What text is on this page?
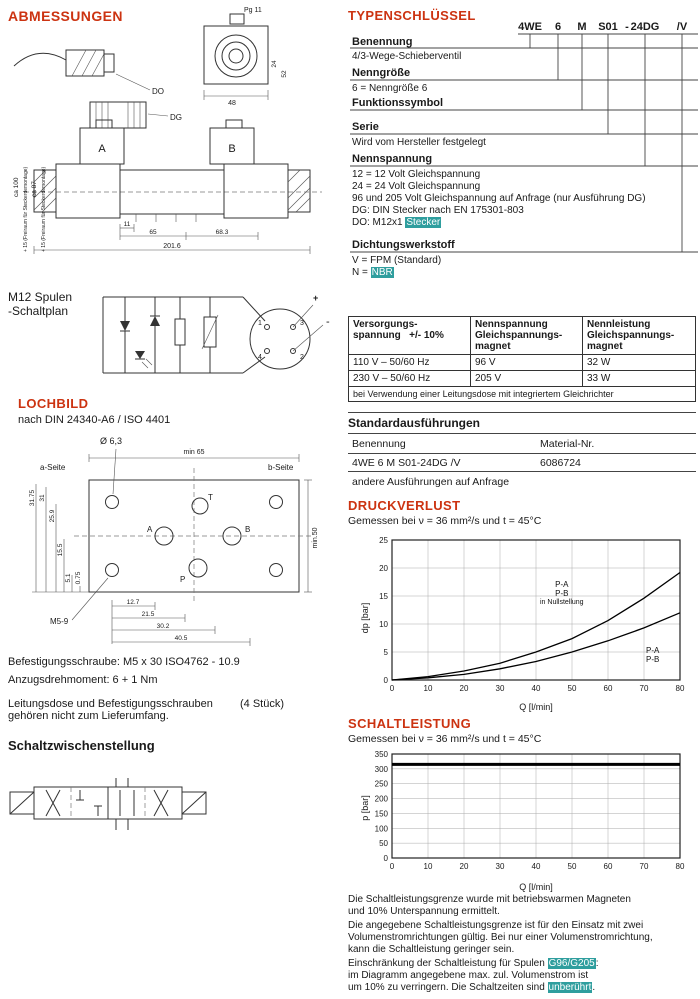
ABMESSUNGEN	Pg 11
DO
DG
48
24
52
ca 100 + 15 (Freiraum für Steckerdemontage) ca 87 + 15 (Freiraum für Steckerdemontage)
A	B
11
65	68.3
201.6
M12 Spulen
-Schaltplan
1	3
4	2
+
-
LOCHBILD
nach DIN 24340-A6 / ISO 4401
Ø 6,3
a-Seite	b-Seite
min 65
min.50
T
A	B
P
M5-9
31.75 31
25.9
15.5
5.1 0.75
12.7
21.5
30.2
40.5
Befestigungsschraube: M5 x 30 ISO4762 - 10.9
Anzugsdrehmoment: 6 + 1 Nm
Leitungsdose und Befestigungsschrauben
gehören nicht zum Lieferumfang.
(4 Stück)
Schaltzwischenstellung
TYPENSCHLÜSSEL
4WE 6 M S01 - 24DG /V
Benennung
4/3-Wege-Schieberventil
Nenngröße
6 = Nenngröße 6
Funktionssymbol
Serie
Wird vom Hersteller festgelegt
Nennspannung
12 = 12 Volt Gleichspannung
24 = 24 Volt Gleichspannung
96 und 205 Volt Gleichspannung auf Anfrage (nur Ausführung DG)
DG: DIN Stecker nach EN 175301-803
DO: M12x1 Stecker
Dichtungswerkstoff
V = FPM (Standard)
N = NBR
Versorgungs-
spannung +/- 10%

Nennspannung
Gleichspannungs-
magnet

Nennleistung
Gleichspannungs-
magnet

110 V – 50/60 Hz	96 V	32 W
230 V – 50/60 Hz	205 V	33 W
bei Verwendung einer Leitungsdose mit integriertem Gleichrichter		
Standardausführungen
Benennung	Material-Nr.
4WE 6 M S01-24DG /V	6086724
andere Ausführungen auf Anfrage
DRUCKVERLUST
Gemessen bei ν = 36 mm²/s und t = 45°C
dp [bar]
Q [l/min]
0	10	20	30	40	50	60	70	80
0
5
10
15
20
25
P-A
P-B
in Nullstellung
P-A
P-B
SCHALTLEISTUNG
Gemessen bei ν = 36 mm²/s und t = 45°C
p [bar]
Q [l/min]
0	10	20	30	40	50	60	70	80
0
50
100
150
200
250
300
350
Die Schaltleistungsgrenze wurde mit betriebswarmen Magneten
und 10% Unterspannung ermittelt.
Die angegebene Schaltleistungsgrenze ist für den Einsatz mit zwei
Volumenstromrichtungen gültig. Bei nur einer Volumenstromrichtung,
kann die Schaltleistung geringer sein.
Einschränkung der Schaltleistung für Spulen G96/G205:
im Diagramm angegebene max. zul. Volumenstrom ist
um 10% zu verringern. Die Schaltzeiten sind unberührt.
